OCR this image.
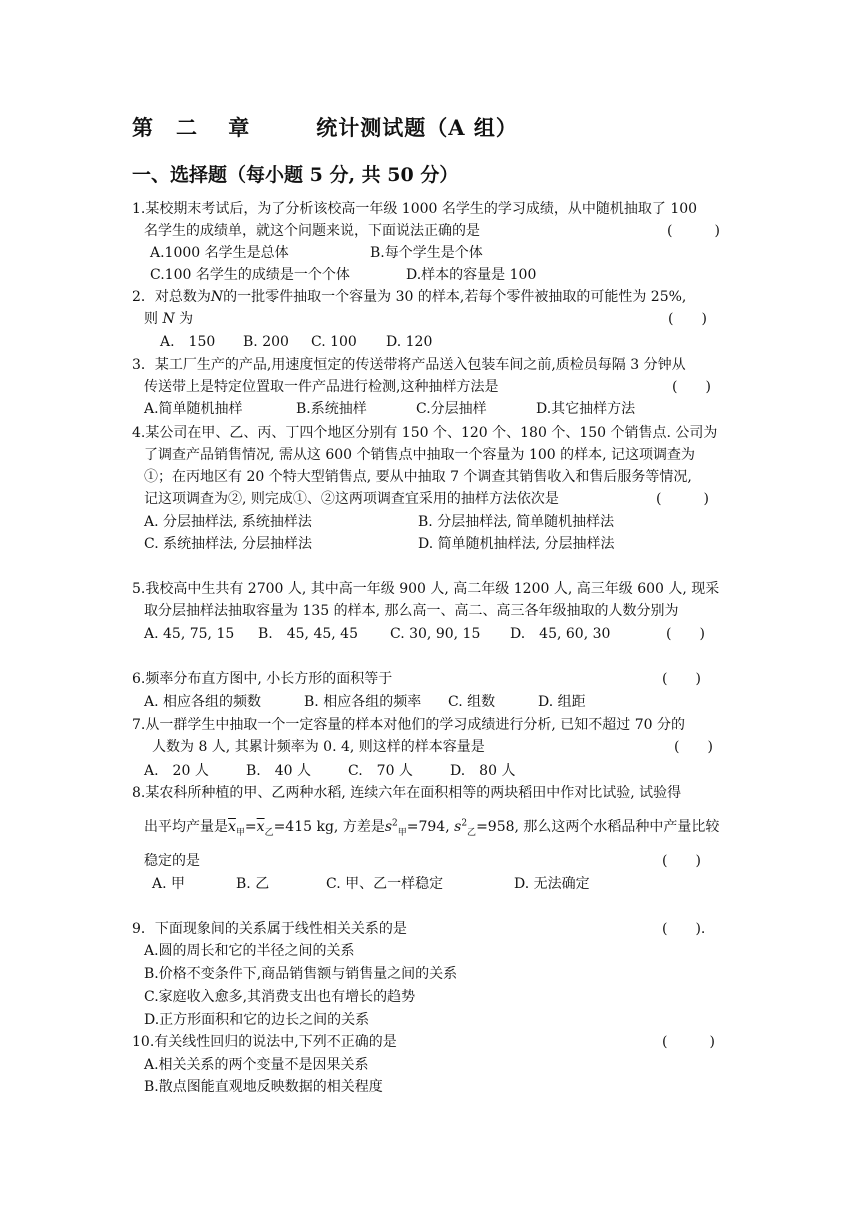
第　二　 章　　　统计测试题（A 组）
一、选择题（每小题 5 分, 共 50 分）
1.某校期末考试后，为了分析该校高一年级 1000 名学生的学习成绩，从中随机抽取了 100
名学生的成绩单，就这个问题来说，下面说法正确的是	(　　　)
A.1000 名学生是总体	B.每个学生是个体
C.100 名学生的成绩是一个个体	D.样本的容量是 100
2．对总数为N的一批零件抽取一个容量为 30 的样本,若每个零件被抽取的可能性为 25%,
则 N 为	(　　)
A.　150 B. 200 C. 100 D. 120
3．某工厂生产的产品,用速度恒定的传送带将产品送入包装车间之前,质检员每隔 3 分钟从
传送带上是特定位置取一件产品进行检测,这种抽样方法是	(　　)
A.简单随机抽样	B.系统抽样	C.分层抽样	D.其它抽样方法
4.某公司在甲、乙、丙、丁四个地区分别有 150 个、120 个、180 个、150 个销售点. 公司为
了调查产品销售情况, 需从这 600 个销售点中抽取一个容量为 100 的样本, 记这项调查为
①；在丙地区有 20 个特大型销售点, 要从中抽取 7 个调查其销售收入和售后服务等情况,
记这项调查为②, 则完成①、②这两项调查宜采用的抽样方法依次是	(　　　)
A. 分层抽样法, 系统抽样法	B. 分层抽样法, 简单随机抽样法
C. 系统抽样法, 分层抽样法	D. 简单随机抽样法, 分层抽样法
5.我校高中生共有 2700 人, 其中高一年级 900 人, 高二年级 1200 人, 高三年级 600 人, 现采
取分层抽样法抽取容量为 135 的样本, 那么高一、高二、高三各年级抽取的人数分别为
A. 45, 75, 15 B.　45, 45, 45 C. 30, 90, 15 D.　45, 60, 30	(　　)
6.频率分布直方图中, 小长方形的面积等于	(　　)
A. 相应各组的频数	B. 相应各组的频率 C. 组数	D. 组距
7.从一群学生中抽取一个一定容量的样本对他们的学习成绩进行分析, 已知不超过 70 分的
人数为 8 人, 其累计频率为 0. 4, 则这样的样本容量是	(　　)
A.　20 人	B.　40 人	C.　70 人	D.　80 人
8.某农科所种植的甲、乙两种水稻, 连续六年在面积相等的两块稻田中作对比试验, 试验得
出平均产量是$\overline{x}_甲=\overline{x}_乙=415$ kg, 方差是$s^2_甲=794$, $s^2_乙=958$, 那么这两个水稻品种中产量比较
稳定的是	(　　)
A. 甲	B. 乙	C. 甲、乙一样稳定	D. 无法确定
9．下面现象间的关系属于线性相关关系的是	(　　).
A.圆的周长和它的半径之间的关系
B.价格不变条件下,商品销售额与销售量之间的关系
C.家庭收入愈多,其消费支出也有增长的趋势
D.正方形面积和它的边长之间的关系
10.有关线性回归的说法中,下列不正确的是	(　　　)
A.相关关系的两个变量不是因果关系
B.散点图能直观地反映数据的相关程度
